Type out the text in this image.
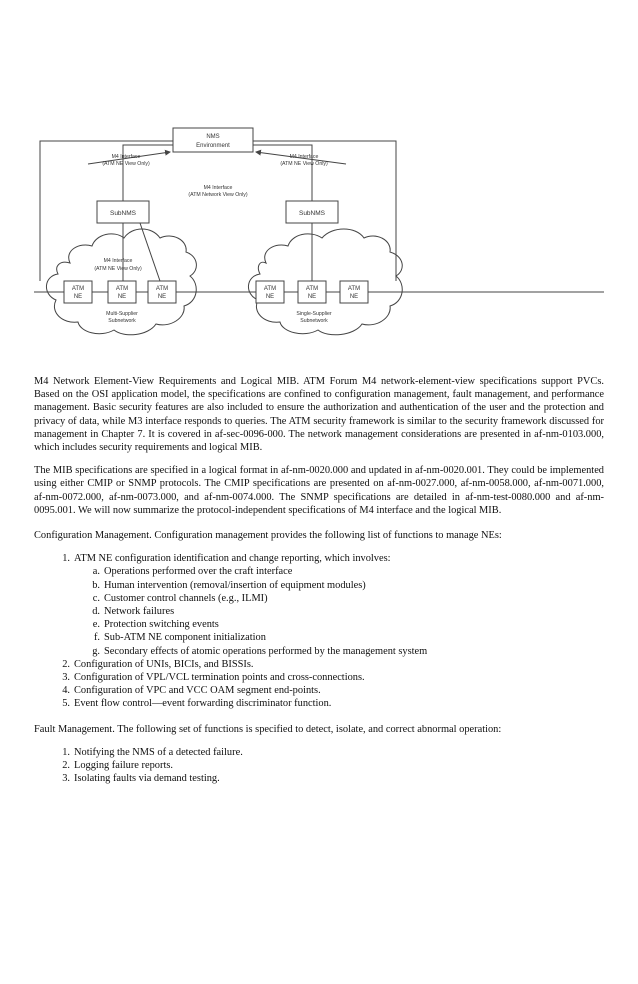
NMS
Environment
SubNMS	SubNMS
M4 Interface
(ATM NE View Only)
M4 Interface
(ATM NE View Only)
M4 Interface
(ATM Network View Only)
M4 Interface
(ATM NE View Only)
ATM
NE
ATM
NE
ATM
NE
ATM
NE
ATM
NE
ATM
NE
Multi-Supplier
Subnetwork
Single-Supplier
Subnetwork

M4 Network Element-View Requirements and Logical MIB. ATM Forum M4 network-element-view specifications support PVCs. Based on the OSI application model, the specifications are confined to configuration management, fault management, and performance management. Basic security features are also included to ensure the authorization and authentication of the user and the protection and privacy of data, while M3 interface responds to queries. The ATM security framework is similar to the security framework discussed for management in Chapter 7. It is covered in af-sec-0096-000. The network management considerations are presented in af-nm-0103.000, which includes security requirements and logical MIB.

The MIB specifications are specified in a logical format in af-nm-0020.000 and updated in af-nm-0020.001. They could be implemented using either CMIP or SNMP protocols. The CMIP specifications are presented on af-nm-0027.000, af-nm-0058.000, af-nm-0071.000, af-nm-0072.000, af-nm-0073.000, and af-nm-0074.000. The SNMP specifications are detailed in af-nm-test-0080.000 and af-nm-0095.001. We will now summarize the protocol-independent specifications of M4 interface and the logical MIB.

Configuration Management. Configuration management provides the following list of functions to manage NEs:

1. ATM NE configuration identification and change reporting, which involves:
a. Operations performed over the craft interface
b. Human intervention (removal/insertion of equipment modules)
c. Customer control channels (e.g., ILMI)
d. Network failures
e. Protection switching events
f. Sub-ATM NE component initialization
g. Secondary effects of atomic operations performed by the management system
2. Configuration of UNIs, BICIs, and BISSIs.
3. Configuration of VPL/VCL termination points and cross-connections.
4. Configuration of VPC and VCC OAM segment end-points.
5. Event flow control—event forwarding discriminator function.

Fault Management. The following set of functions is specified to detect, isolate, and correct abnormal operation:

1. Notifying the NMS of a detected failure.
2. Logging failure reports.
3. Isolating faults via demand testing.
